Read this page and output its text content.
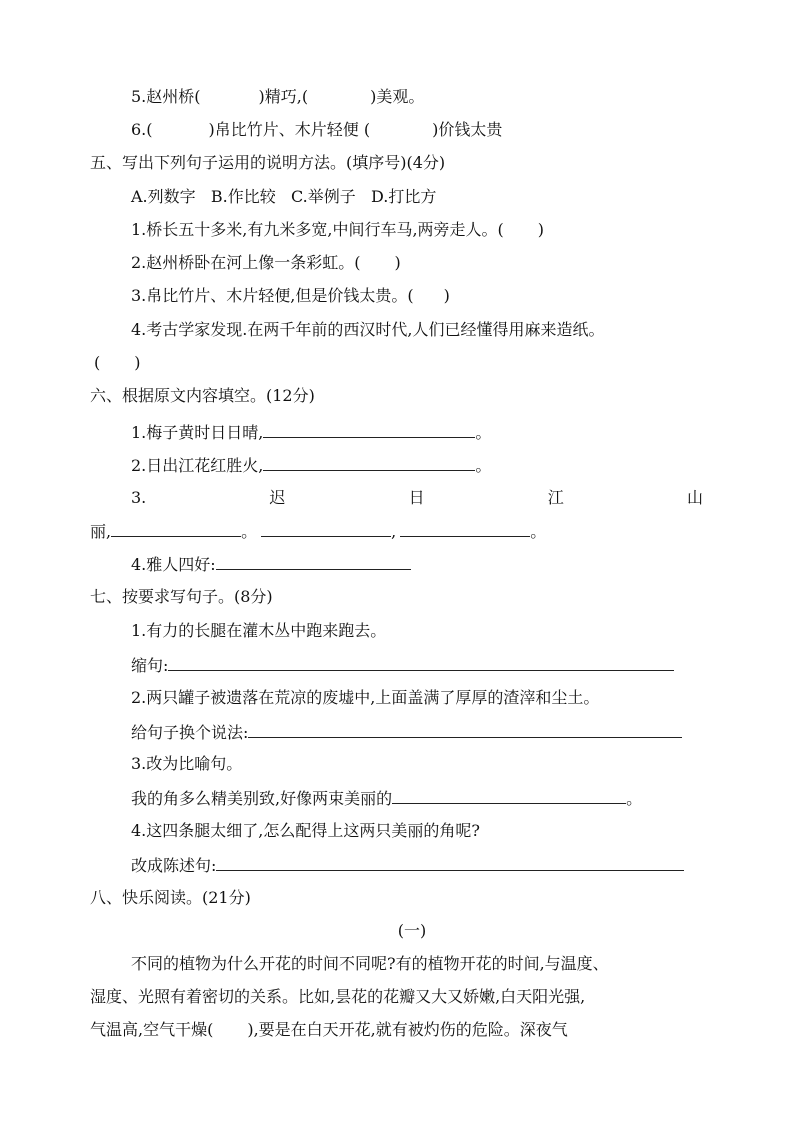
5.赵州桥(	)精巧,(	)美观。
6.(	)帛比竹片、木片轻便 (	)价钱太贵
五、写出下列句子运用的说明方法。(填序号)(4分)
A.列数字   B.作比较   C.举例子   D.打比方
1.桥长五十多米,有九米多宽,中间行车马,两旁走人。( )
2.赵州桥卧在河上像一条彩虹。( )
3.帛比竹片、木片轻便,但是价钱太贵。( )
4.考古学家发现.在两千年前的西汉时代,人们已经懂得用麻来造纸。
( )
六、根据原文内容填空。(12分)
1.梅子黄时日日晴,	。
2.日出江花红胜火,	。
3.	迟	日	江	山
丽,	。	,	。
4.雅人四好:
七、按要求写句子。(8分)
1.有力的长腿在灌木丛中跑来跑去。
缩句:
2.两只罐子被遗落在荒凉的废墟中,上面盖满了厚厚的渣滓和尘土。
给句子换个说法:
3.改为比喻句。
我的角多么精美别致,好像两束美丽的	。
4.这四条腿太细了,怎么配得上这两只美丽的角呢?
改成陈述句:
八、快乐阅读。(21分)
(一)
不同的植物为什么开花的时间不同呢?有的植物开花的时间,与温度、
湿度、光照有着密切的关系。比如,昙花的花瓣又大又娇嫩,白天阳光强,
气温高,空气干燥( ),要是在白天开花,就有被灼伤的危险。深夜气
